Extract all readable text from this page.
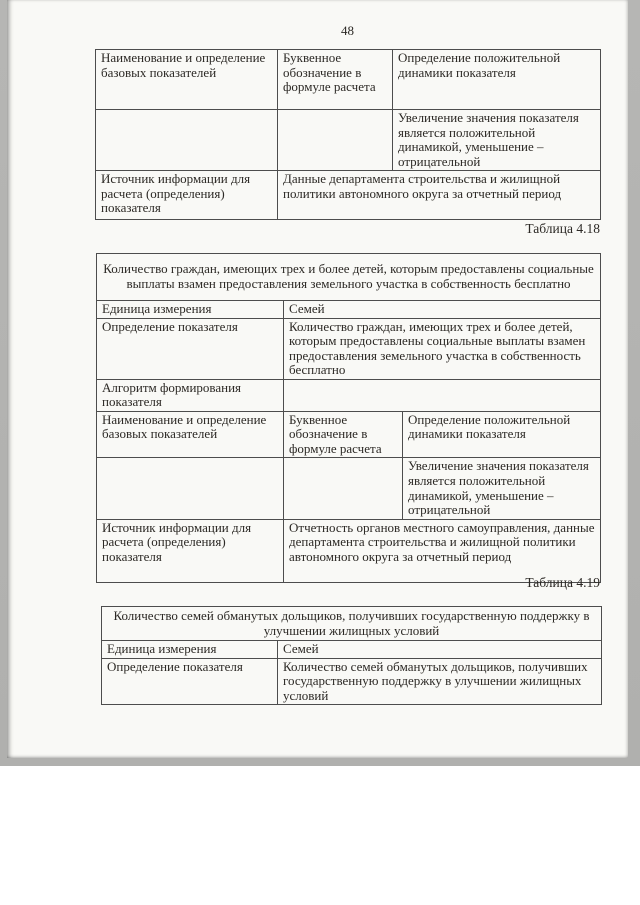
48
Наименование и определение базовых показателей	Буквенное обозначение в формуле расчета	Определение положительной динамики показателя
		Увеличение значения показателя является положительной динамикой, уменьшение – отрицательной
Источник информации для расчета (определения) показателя	Данные департамента строительства и жилищной политики автономного округа за отчетный период	
Таблица 4.18
Количество граждан, имеющих трех и более детей, которым предоставлены социальные выплаты взамен предоставления земельного участка в собственность бесплатно		
Единица измерения	Семей	
Определение показателя	Количество граждан, имеющих трех и более детей, которым предоставлены социальные выплаты взамен предоставления земельного участка в собственность бесплатно	
Алгоритм формирования показателя		
Наименование и определение базовых показателей	Буквенное обозначение в формуле расчета	Определение положительной динамики показателя
		Увеличение значения показателя является положительной динамикой, уменьшение – отрицательной
Источник информации для расчета (определения) показателя	Отчетность органов местного самоуправления, данные департамента строительства и жилищной политики автономного округа за отчетный период	
Таблица 4.19
Количество семей обманутых дольщиков, получивших государственную поддержку в улучшении жилищных условий	
Единица измерения	Семей
Определение показателя	Количество семей обманутых дольщиков, получивших государственную поддержку в улучшении жилищных условий
